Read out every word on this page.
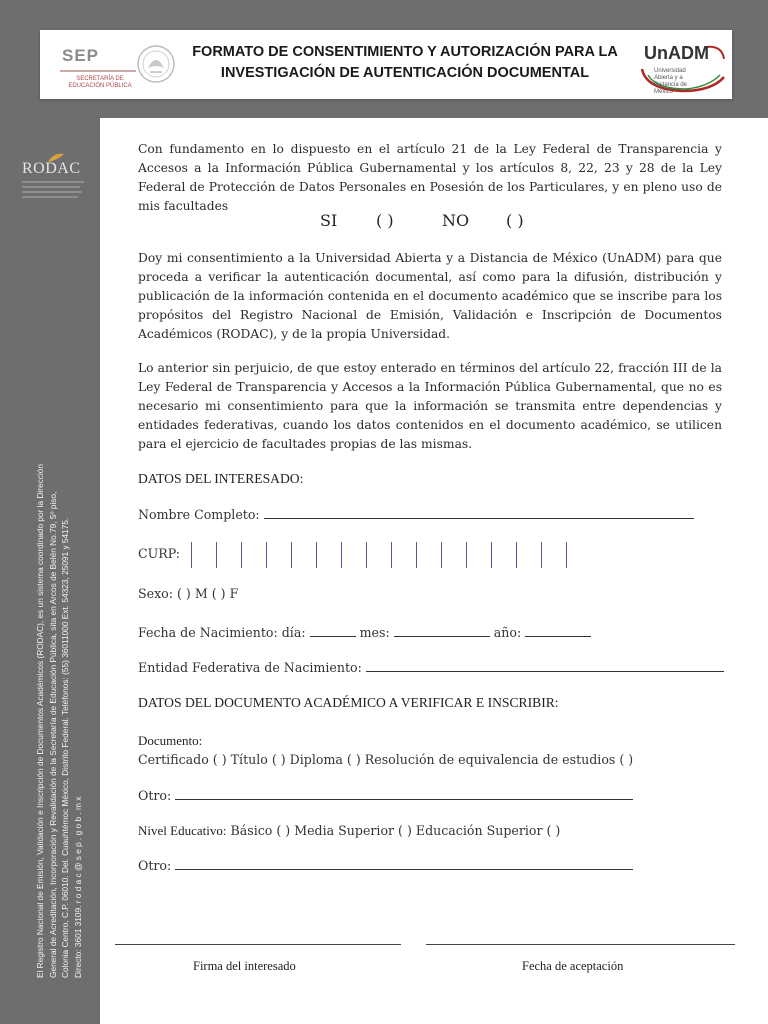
SEP
SECRETARÍA DE EDUCACIÓN PÚBLICA
FORMATO DE CONSENTIMIENTO Y AUTORIZACIÓN PARA LA
INVESTIGACIÓN DE AUTENTICACIÓN DOCUMENTAL
UnADM
Universidad Abierta y a Distancia de México
RODAC
El Registro Nacional de Emisión, Validación e Inscripción de Documentos Académicos (RODAC), es un sistema coordinado por la Dirección General de Acreditación, Incorporación y Revalidación de la Secretaría de Educación Pública, sita en Arcos de Belén No.79, 5º piso, Colonia Centro, C.P. 06010. Del. Cuauhtémoc México, Distrito Federal. Teléfonos: (55) 36011000 Ext. 54323, 25091 y 54175. Directo: 3601 3109. r o d a c @ s e p . g o b . m x
Con fundamento en lo dispuesto en el artículo 21 de la Ley Federal de Transparencia y Accesos a la Información Pública Gubernamental y los artículos 8, 22, 23 y 28 de la Ley Federal de Protección de Datos Personales en Posesión de los Particulares, y en pleno uso de mis facultades
SI ( )	NO ( )
Doy mi consentimiento a la Universidad Abierta y a Distancia de México (UnADM) para que proceda a verificar la autenticación documental, así como para la difusión, distribución y publicación de la información contenida en el documento académico que se inscribe para los propósitos del Registro Nacional de Emisión, Validación e Inscripción de Documentos Académicos (RODAC), y de la propia Universidad.
Lo anterior sin perjuicio, de que estoy enterado en términos del artículo 22, fracción III de la Ley Federal de Transparencia y Accesos a la Información Pública Gubernamental, que no es necesario mi consentimiento para que la información se transmita entre dependencias y entidades federativas, cuando los datos contenidos en el documento académico, se utilicen para el ejercicio de facultades propias de las mismas.
DATOS DEL INTERESADO:
Nombre Completo:
CURP:
Sexo: ( ) M ( ) F
Fecha de Nacimiento: día:	mes:	año:
Entidad Federativa de Nacimiento:
DATOS DEL DOCUMENTO ACADÉMICO A VERIFICAR E INSCRIBIR:
Documento:
Certificado ( ) Título ( ) Diploma ( ) Resolución de equivalencia de estudios ( )
Otro:
Nivel Educativo: Básico ( ) Media Superior ( ) Educación Superior ( )
Otro:
Firma del interesado	Fecha de aceptación
